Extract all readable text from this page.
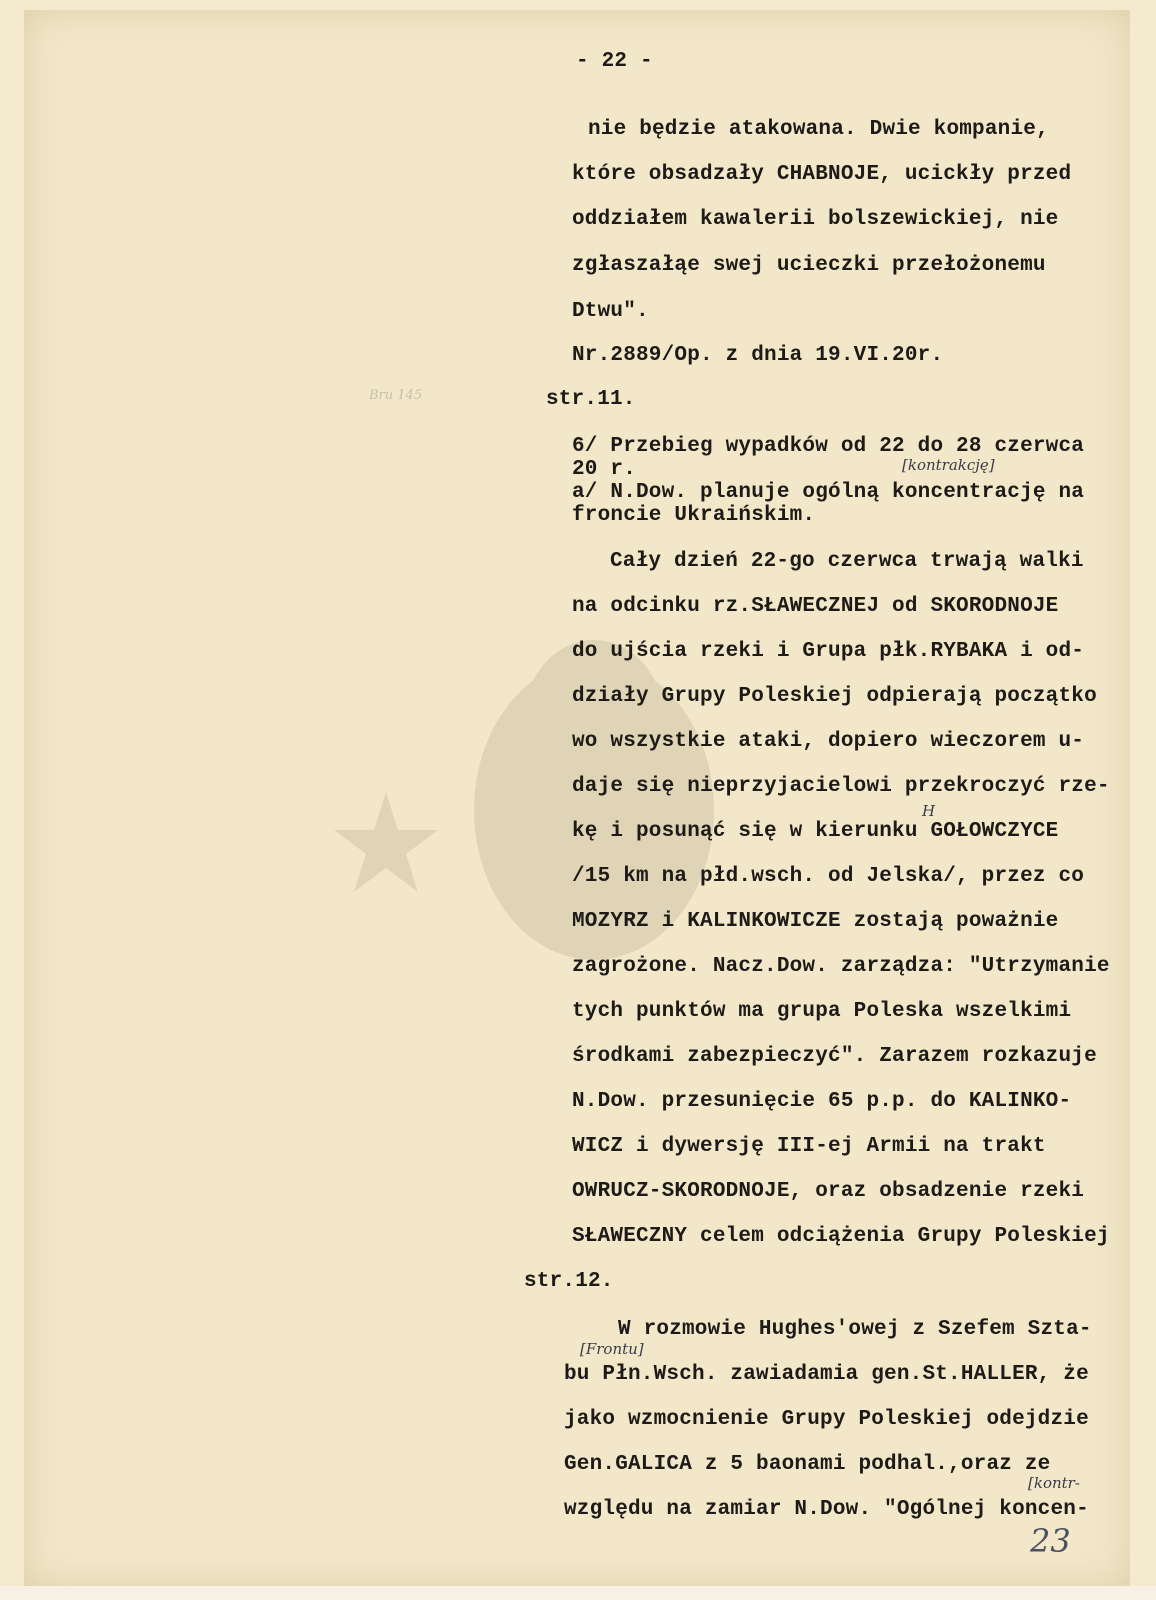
Bru 145
- 22 -
nie będzie atakowana. Dwie kompanie,
które obsadzały CHABNOJE, ucickły przed
oddziałem kawalerii bolszewickiej, nie
zgłaszałąe swej ucieczki przełożonemu
Dtwu".
Nr.2889/Op. z dnia 19.VI.20r.
str.11.
6/ Przebieg wypadków od 22 do 28 czerwca
20 r.	[kontrakcję]
a/ N.Dow. planuje ogólną koncentrację na
froncie Ukraińskim.
Cały dzień 22-go czerwca trwają walki
na odcinku rz.SŁAWECZNEJ od SKORODNOJE
do ujścia rzeki i Grupa płk.RYBAKA i od-
działy Grupy Poleskiej odpierają początko
wo wszystkie ataki, dopiero wieczorem u-
daje się nieprzyjacielowi przekroczyć rze-
H
kę i posunąć się w kierunku GOŁOWCZYCE
/15 km na płd.wsch. od Jelska/, przez co
MOZYRZ i KALINKOWICZE zostają poważnie
zagrożone. Nacz.Dow. zarządza: "Utrzymanie
tych punktów ma grupa Poleska wszelkimi
środkami zabezpieczyć". Zarazem rozkazuje
N.Dow. przesunięcie 65 p.p. do KALINKO-
WICZ i dywersję III-ej Armii na trakt
OWRUCZ-SKORODNOJE, oraz obsadzenie rzeki
SŁAWECZNY celem odciążenia Grupy Poleskiej
str.12.
W rozmowie Hughes'owej z Szefem Szta-
[Frontu]
bu Płn.Wsch. zawiadamia gen.St.HALLER, że
jako wzmocnienie Grupy Poleskiej odejdzie
Gen.GALICA z 5 baonami podhal.,oraz ze
[kontr-
względu na zamiar N.Dow. "Ogólnej koncen-
23
